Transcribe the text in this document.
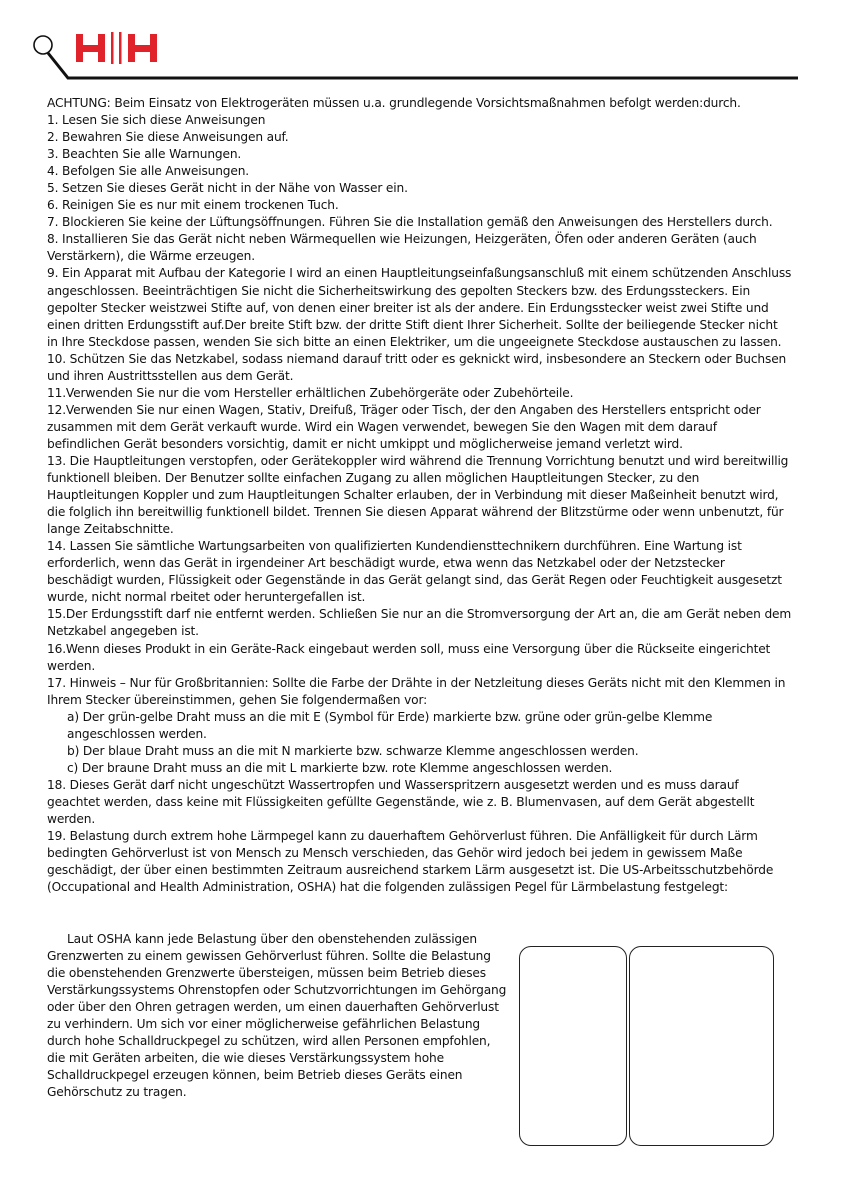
ACHTUNG: Beim Einsatz von Elektrogeräten müssen u.a. grundlegende Vorsichtsmaßnahmen befolgt werden:durch.

1. Lesen Sie sich diese Anweisungen

2. Bewahren Sie diese Anweisungen auf.

3. Beachten Sie alle Warnungen.

4. Befolgen Sie alle Anweisungen.

5. Setzen Sie dieses Gerät nicht in der Nähe von Wasser ein.

6. Reinigen Sie es nur mit einem trockenen Tuch.

7. Blockieren Sie keine der Lüftungsöffnungen. Führen Sie die Installation gemäß den Anweisungen des Herstellers durch.

8. Installieren Sie das Gerät nicht neben Wärmequellen wie Heizungen, Heizgeräten, Öfen oder anderen Geräten (auch Verstärkern), die Wärme erzeugen.

9. Ein Apparat mit Aufbau der Kategorie I wird an einen Hauptleitungseinfaßungsanschluß mit einem schützenden Anschluss angeschlossen. Beeinträchtigen Sie nicht die Sicherheitswirkung des gepolten Steckers bzw. des Erdungssteckers. Ein gepolter Stecker weistzwei Stifte auf, von denen einer breiter ist als der andere. Ein Erdungsstecker weist zwei Stifte und einen dritten Erdungsstift auf.Der breite Stift bzw. der dritte Stift dient Ihrer Sicherheit. Sollte der beiliegende Stecker nicht in Ihre Steckdose passen, wenden Sie sich bitte an einen Elektriker, um die ungeeignete Steckdose austauschen zu lassen.

10. Schützen Sie das Netzkabel, sodass niemand darauf tritt oder es geknickt wird, insbesondere an Steckern oder Buchsen und ihren Austrittsstellen aus dem Gerät.

11.Verwenden Sie nur die vom Hersteller erhältlichen Zubehörgeräte oder Zubehörteile.

12.Verwenden Sie nur einen Wagen, Stativ, Dreifuß, Träger oder Tisch, der den Angaben des Herstellers entspricht oder zusammen mit dem Gerät verkauft wurde. Wird ein Wagen verwendet, bewegen Sie den Wagen mit dem darauf befindlichen Gerät besonders vorsichtig, damit er nicht umkippt und möglicherweise jemand verletzt wird.

13. Die Hauptleitungen verstopfen, oder Gerätekoppler wird während die Trennung Vorrichtung benutzt und wird bereitwillig funktionell bleiben. Der Benutzer sollte einfachen Zugang zu allen möglichen Hauptleitungen Stecker, zu den Hauptleitungen Koppler und zum Hauptleitungen Schalter erlauben, der in Verbindung mit dieser Maßeinheit benutzt wird, die folglich ihn bereitwillig funktionell bildet. Trennen Sie diesen Apparat während der Blitzstürme oder wenn unbenutzt, für lange Zeitabschnitte.

14. Lassen Sie sämtliche Wartungsarbeiten von qualifizierten Kundendiensttechnikern durchführen. Eine Wartung ist erforderlich, wenn das Gerät in irgendeiner Art beschädigt wurde, etwa wenn das Netzkabel oder der Netzstecker beschädigt wurden, Flüssigkeit oder Gegenstände in das Gerät gelangt sind, das Gerät Regen oder Feuchtigkeit ausgesetzt wurde, nicht normal rbeitet oder heruntergefallen ist.

15.Der Erdungsstift darf nie entfernt werden. Schließen Sie nur an die Stromversorgung der Art an, die am Gerät neben dem Netzkabel angegeben ist.

16.Wenn dieses Produkt in ein Geräte-Rack eingebaut werden soll, muss eine Versorgung über die Rückseite eingerichtet werden.

17. Hinweis – Nur für Großbritannien: Sollte die Farbe der Drähte in der Netzleitung dieses Geräts nicht mit den Klemmen in Ihrem Stecker übereinstimmen, gehen Sie folgendermaßen vor:

a) Der grün-gelbe Draht muss an die mit E (Symbol für Erde) markierte bzw. grüne oder grün-gelbe Klemme angeschlossen werden.

b) Der blaue Draht muss an die mit N markierte bzw. schwarze Klemme angeschlossen werden.

c) Der braune Draht muss an die mit L markierte bzw. rote Klemme angeschlossen werden.

18. Dieses Gerät darf nicht ungeschützt Wassertropfen und Wasserspritzern ausgesetzt werden und es muss darauf geachtet werden, dass keine mit Flüssigkeiten gefüllte Gegenstände, wie z. B. Blumenvasen, auf dem Gerät abgestellt werden.

19. Belastung durch extrem hohe Lärmpegel kann zu dauerhaftem Gehörverlust führen. Die Anfälligkeit für durch Lärm bedingten Gehörverlust ist von Mensch zu Mensch verschieden, das Gehör wird jedoch bei jedem in gewissem Maße geschädigt, der über einen bestimmten Zeitraum ausreichend starkem Lärm ausgesetzt ist. Die US-Arbeitsschutzbehörde (Occupational and Health Administration, OSHA) hat die folgenden zulässigen Pegel für Lärmbelastung festgelegt:

Laut OSHA kann jede Belastung über den obenstehenden zulässigen Grenzwerten zu einem gewissen Gehörverlust führen. Sollte die Belastung die obenstehenden Grenzwerte übersteigen, müssen beim Betrieb dieses Verstärkungssystems Ohrenstopfen oder Schutzvorrichtungen im Gehörgang oder über den Ohren getragen werden, um einen dauerhaften Gehörverlust zu verhindern. Um sich vor einer möglicherweise gefährlichen Belastung durch hohe Schalldruckpegel zu schützen, wird allen Personen empfohlen, die mit Geräten arbeiten, die wie dieses Verstärkungssystem hohe Schalldruckpegel erzeugen können, beim Betrieb dieses Geräts einen Gehörschutz zu tragen.
